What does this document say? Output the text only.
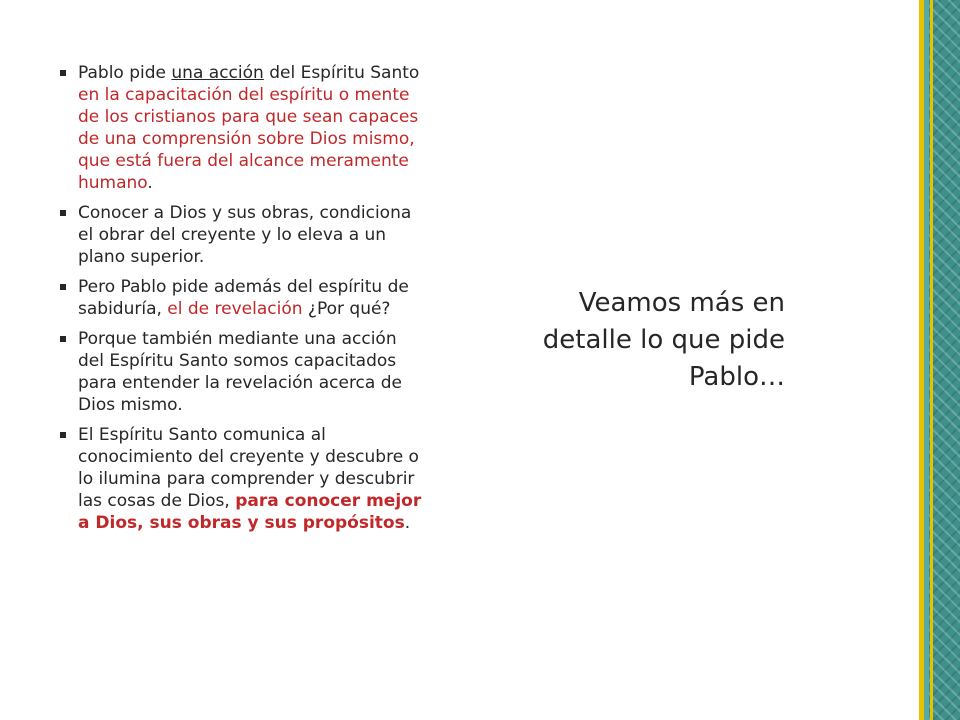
Pablo pide una acción del Espíritu Santo en la capacitación del espíritu o mente de los cristianos para que sean capaces de una comprensión sobre Dios mismo, que está fuera del alcance meramente humano.
Conocer a Dios y sus obras, condiciona el obrar del creyente y lo eleva a un plano superior.
Pero Pablo pide además del espíritu de sabiduría, el de revelación ¿Por qué?
Porque también mediante una acción del Espíritu Santo somos capacitados para entender la revelación acerca de Dios mismo.
El Espíritu Santo comunica al conocimiento del creyente y descubre o lo ilumina para comprender y descubrir las cosas de Dios, para conocer mejor a Dios, sus obras y sus propósitos.
Veamos más en detalle lo que pide Pablo…
